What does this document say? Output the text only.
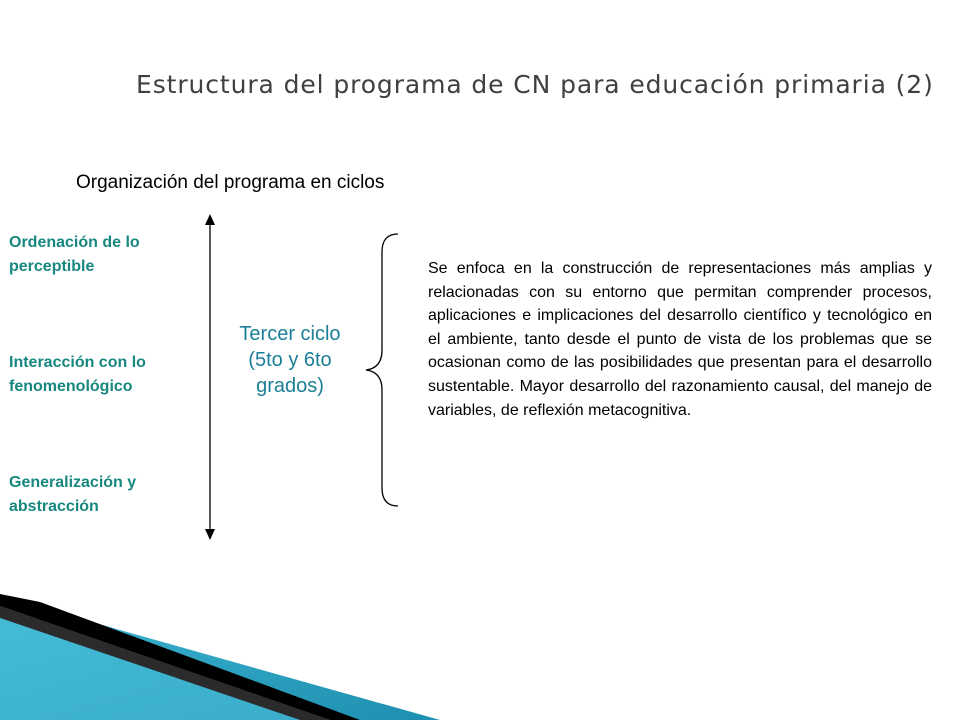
Estructura del programa de CN para educación primaria (2)
Organización del programa en ciclos
Ordenación de lo perceptible
Interacción con lo fenomenológico
Generalización y abstracción
Tercer ciclo (5to y 6to grados)
Se enfoca en la construcción de representaciones más amplias y relacionadas con su entorno que permitan comprender procesos, aplicaciones e implicaciones del desarrollo científico y tecnológico en el ambiente, tanto desde el punto de vista de los problemas que se ocasionan como de las posibilidades que presentan para el desarrollo sustentable. Mayor desarrollo del razonamiento causal, del manejo de variables, de reflexión metacognitiva.
